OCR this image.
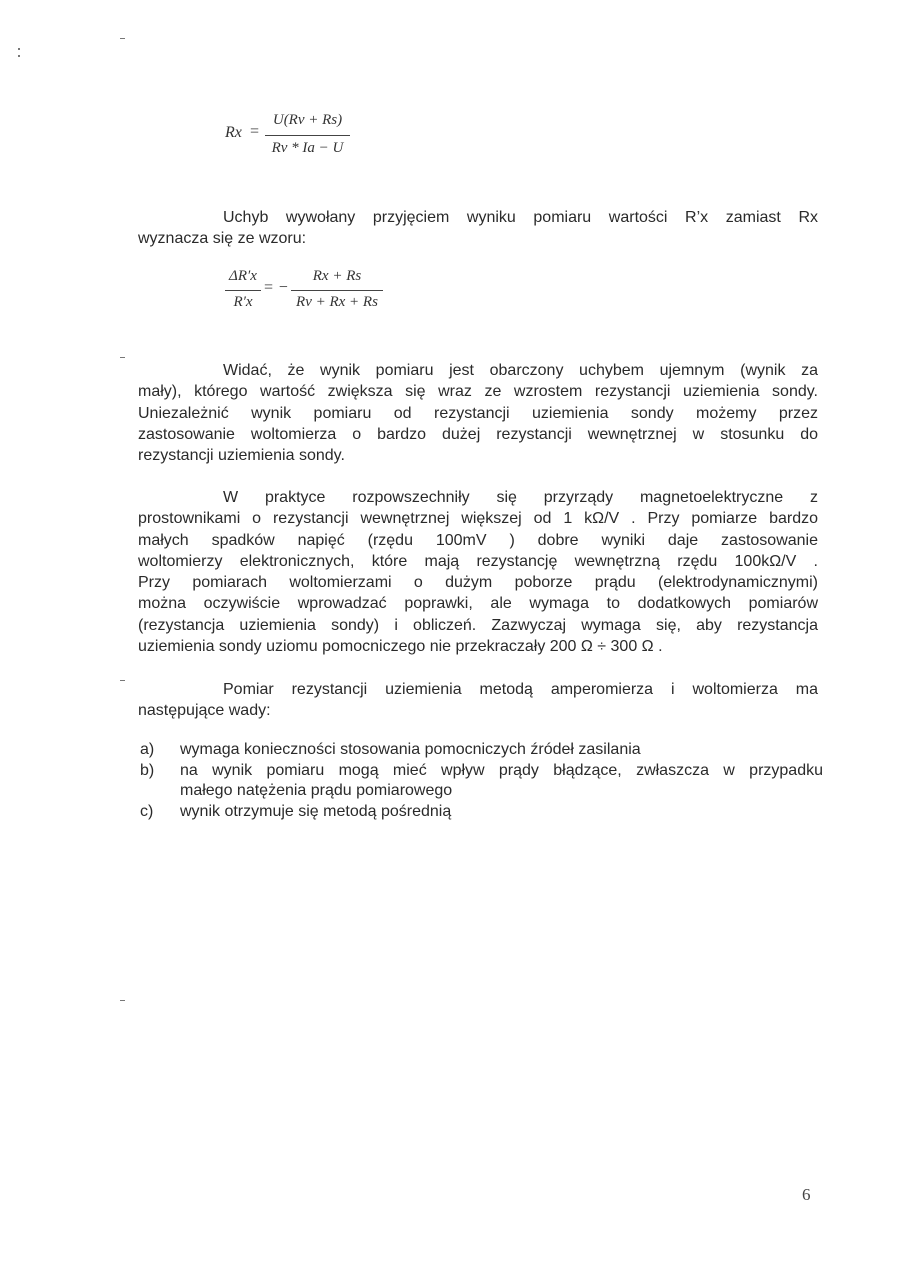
Rx =
U(Rv + Rs)
Rv * Ia − U

Uchyb wywołany przyjęciem wyniku pomiaru wartości R’x zamiast Rx
wyznacza się ze wzoru:

ΔR′x
R′x
= −
Rx + Rs
Rv + Rx + Rs

Widać, że wynik pomiaru jest obarczony uchybem ujemnym (wynik za
mały), którego wartość zwiększa się wraz ze wzrostem rezystancji uziemienia sondy.
Uniezależnić wynik pomiaru od rezystancji uziemienia sondy możemy przez
zastosowanie woltomierza o bardzo dużej rezystancji wewnętrznej w stosunku do
rezystancji uziemienia sondy.

W praktyce rozpowszechniły się przyrządy magnetoelektryczne z
prostownikami o rezystancji wewnętrznej większej od 1 kΩ/V . Przy pomiarze bardzo
małych spadków napięć (rzędu 100mV ) dobre wyniki daje zastosowanie
woltomierzy elektronicznych, które mają rezystancję wewnętrzną rzędu 100kΩ/V .
Przy pomiarach woltomierzami o dużym poborze prądu (elektrodynamicznymi)
można oczywiście wprowadzać poprawki, ale wymaga to dodatkowych pomiarów
(rezystancja uziemienia sondy) i obliczeń. Zazwyczaj wymaga się, aby rezystancja
uziemienia sondy uziomu pomocniczego nie przekraczały 200 Ω ÷ 300 Ω .

Pomiar rezystancji uziemienia metodą amperomierza i woltomierza ma
następujące wady:

a) wymaga konieczności stosowania pomocniczych źródeł zasilania
b) na wynik pomiaru mogą mieć wpływ prądy błądzące, zwłaszcza w przypadku
małego natężenia prądu pomiarowego
c) wynik otrzymuje się metodą pośrednią
6
